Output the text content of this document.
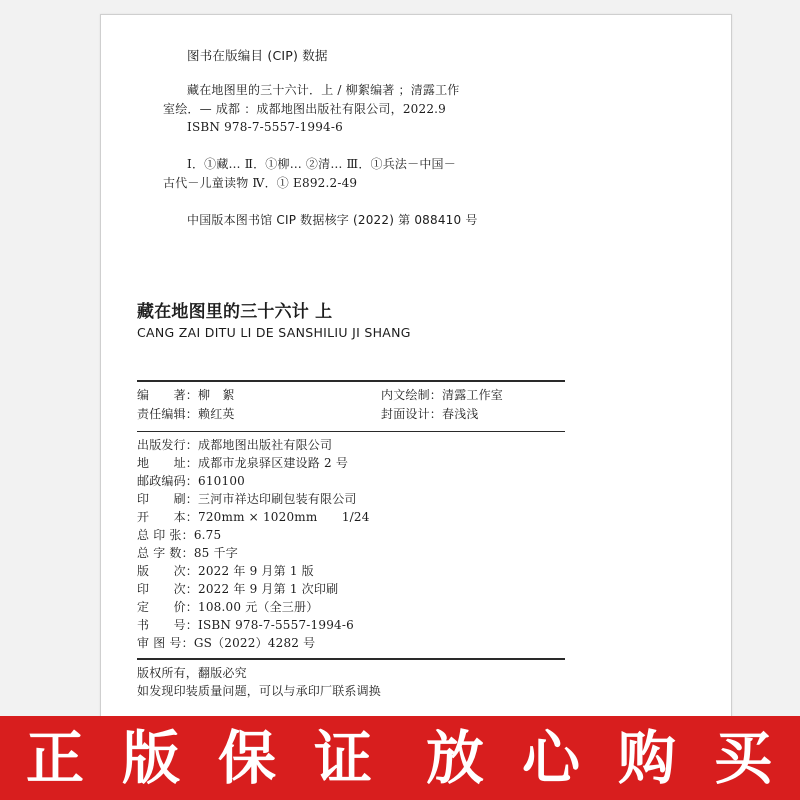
图书在版编目 (CIP) 数据
藏在地图里的三十六计．上 / 柳絮编著 ；清露工作
室绘．— 成都 ：成都地图出版社有限公司，2022.9
ISBN 978-7-5557-1994-6
Ⅰ．①藏… Ⅱ．①柳… ②清… Ⅲ．①兵法－中国－
古代－儿童读物 Ⅳ．① E892.2-49
中国版本图书馆 CIP 数据核字 (2022) 第 088410 号
藏在地图里的三十六计 上
CANG ZAI DITU LI DE SANSHILIU JI SHANG
编　　著：柳　絮	内文绘制：清露工作室
责任编辑：赖红英	封面设计：春浅浅
出版发行：成都地图出版社有限公司
地　　址：成都市龙泉驿区建设路 2 号
邮政编码：610100
印　　刷：三河市祥达印刷包装有限公司
开　　本：720mm × 1020mm　　1/24
总 印 张：6.75
总 字 数：85 千字
版　　次：2022 年 9 月第 1 版
印　　次：2022 年 9 月第 1 次印刷
定　　价：108.00 元（全三册）
书　　号：ISBN 978-7-5557-1994-6
审 图 号：GS（2022）4282 号
版权所有，翻版必究
如发现印装质量问题，可以与承印厂联系调换
正 版 保 证 放 心 购 买
